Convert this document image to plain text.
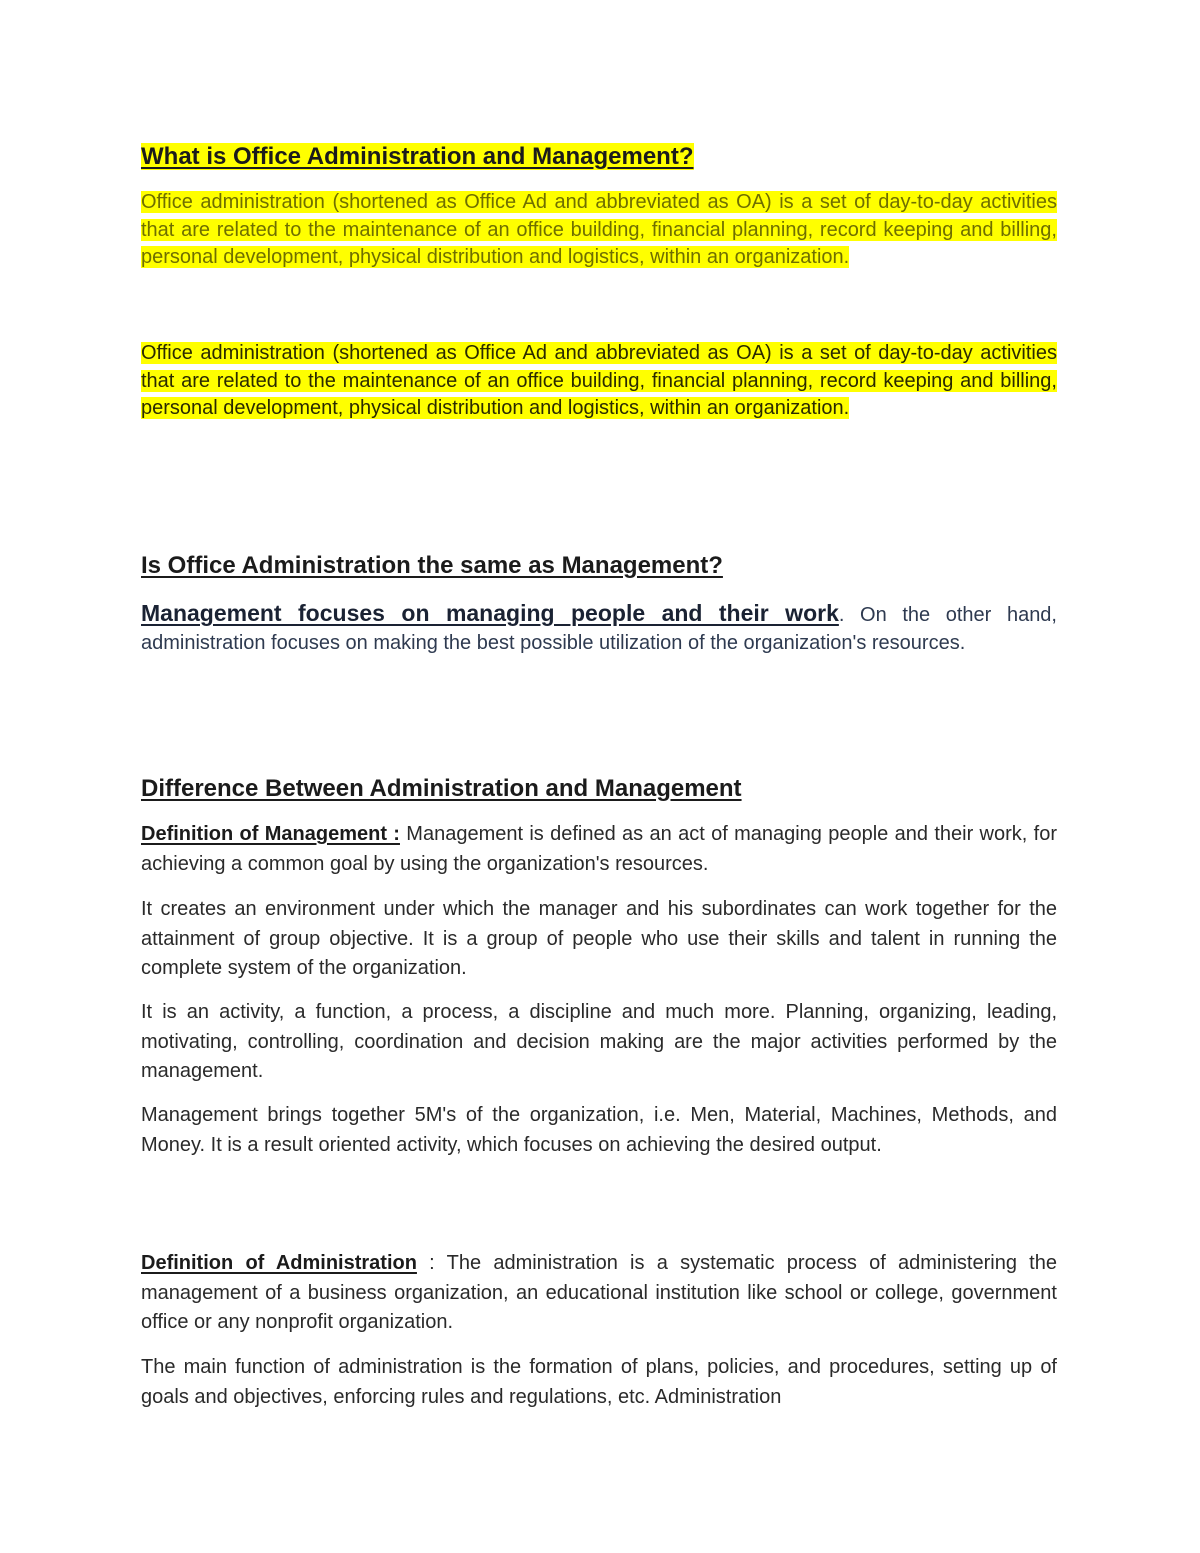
What is Office Administration and Management?

Office administration (shortened as Office Ad and abbreviated as OA) is a set of day-to-day activities that are related to the maintenance of an office building, financial planning, record keeping and billing, personal development, physical distribution and logistics, within an organization.

Office administration (shortened as Office Ad and abbreviated as OA) is a set of day-to-day activities that are related to the maintenance of an office building, financial planning, record keeping and billing, personal development, physical distribution and logistics, within an organization.

Is Office Administration the same as Management?

Management focuses on managing people and their work. On the other hand, administration focuses on making the best possible utilization of the organization's resources.

Difference Between Administration and Management

Definition of Management : Management is defined as an act of managing people and their work, for achieving a common goal by using the organization's resources.

It creates an environment under which the manager and his subordinates can work together for the attainment of group objective. It is a group of people who use their skills and talent in running the complete system of the organization.

It is an activity, a function, a process, a discipline and much more. Planning, organizing, leading, motivating, controlling, coordination and decision making are the major activities performed by the management.

Management brings together 5M's of the organization, i.e. Men, Material, Machines, Methods, and Money. It is a result oriented activity, which focuses on achieving the desired output.

Definition of Administration : The administration is a systematic process of administering the management of a business organization, an educational institution like school or college, government office or any nonprofit organization.

The main function of administration is the formation of plans, policies, and procedures, setting up of goals and objectives, enforcing rules and regulations, etc. Administration
